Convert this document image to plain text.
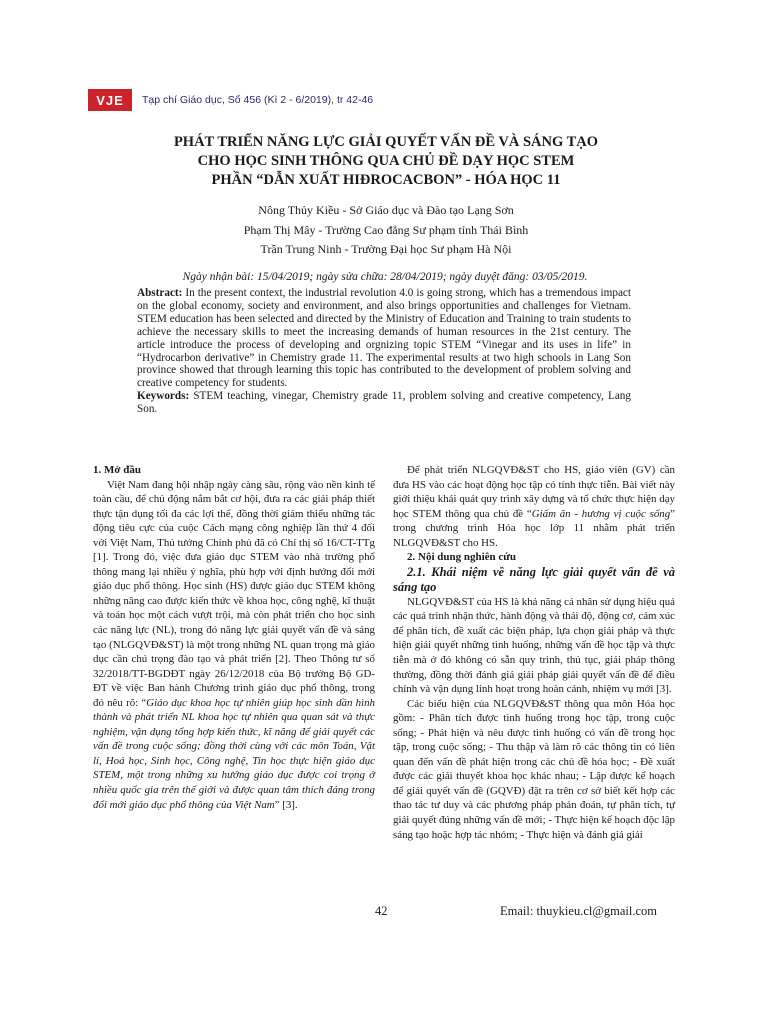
VJE	Tạp chí Giáo dục, Số 456 (Kì 2 - 6/2019), tr 42-46
PHÁT TRIỂN NĂNG LỰC GIẢI QUYẾT VẤN ĐỀ VÀ SÁNG TẠO
CHO HỌC SINH THÔNG QUA CHỦ ĐỀ DẠY HỌC STEM
PHẦN “DẪN XUẤT HIĐROCACBON” - HÓA HỌC 11
Nông Thủy Kiều - Sở Giáo dục và Đào tạo Lạng Sơn
Phạm Thị Mây - Trường Cao đẳng Sư phạm tỉnh Thái Bình
Trần Trung Ninh - Trường Đại học Sư phạm Hà Nội
Ngày nhận bài: 15/04/2019; ngày sửa chữa: 28/04/2019; ngày duyệt đăng: 03/05/2019.

Abstract: In the present context, the industrial revolution 4.0 is going strong, which has a tremendous impact on the global economy, society and environment, and also brings opportunities and challenges for Vietnam. STEM education has been selected and directed by the Ministry of Education and Training to train students to achieve the necessary skills to meet the increasing demands of human resources in the 21st century. The article introduce the process of developing and orgnizing topic STEM “Vinegar and its uses in life” in “Hydrocarbon derivative” in Chemistry grade 11. The experimental results at two high schools in Lang Son province showed that through learning this topic has contributed to the development of problem solving and creative competency for students.

Keywords: STEM teaching, vinegar, Chemistry grade 11, problem solving and creative competency, Lang Son.

1. Mở đầu

Việt Nam đang hội nhập ngày càng sâu, rộng vào nền kinh tế toàn cầu, để chủ động nắm bắt cơ hội, đưa ra các giải pháp thiết thực tận dụng tối đa các lợi thế, đồng thời giảm thiểu những tác động tiêu cực của cuộc Cách mạng công nghiệp lần thứ 4 đối với Việt Nam, Thủ tướng Chính phủ đã có Chỉ thị số 16/CT-TTg [1]. Trong đó, việc đưa giáo dục STEM vào nhà trường phổ thông mang lại nhiều ý nghĩa, phù hợp với định hướng đổi mới giáo dục phổ thông. Học sinh (HS) được giáo dục STEM không những nâng cao được kiến thức về khoa học, công nghệ, kĩ thuật và toán học một cách vượt trội, mà còn phát triển cho học sinh các năng lực (NL), trong đó năng lực giải quyết vấn đề và sáng tạo (NLGQVĐ&ST) là một trong những NL quan trọng mà giáo dục cần chú trọng đào tạo và phát triển [2]. Theo Thông tư số 32/2018/TT-BGDĐT ngày 26/12/2018 của Bộ trưởng Bộ GD-ĐT về việc Ban hành Chương trình giáo dục phổ thông, trong đó nêu rõ: “Giáo dục khoa học tự nhiên giúp học sinh dần hình thành và phát triển NL khoa học tự nhiên qua quan sát và thực nghiệm, vận dụng tổng hợp kiến thức, kĩ năng để giải quyết các vấn đề trong cuộc sống; đồng thời cùng với các môn Toán, Vật lí, Hoá học, Sinh học, Công nghệ, Tin học thực hiện giáo dục STEM, một trong những xu hướng giáo dục được coi trọng ở nhiều quốc gia trên thế giới và được quan tâm thích đáng trong đổi mới giáo dục phổ thông của Việt Nam” [3].

Để phát triển NLGQVĐ&ST cho HS, giáo viên (GV) cần đưa HS vào các hoạt động học tập có tính thực tiễn. Bài viết này giới thiệu khái quát quy trình xây dựng và tổ chức thực hiện dạy học STEM thông qua chủ đề “Giấm ăn - hương vị cuộc sống” trong chương trình Hóa học lớp 11 nhằm phát triển NLGQVĐ&ST cho HS.

2. Nội dung nghiên cứu

2.1. Khái niệm về năng lực giải quyết vấn đề và sáng tạo

NLGQVĐ&ST của HS là khả năng cá nhân sử dụng hiệu quả các quá trình nhận thức, hành động và thái độ, động cơ, cảm xúc để phân tích, đề xuất các biện pháp, lựa chọn giải pháp và thực hiện giải quyết những tình huống, những vấn đề học tập và thực tiễn mà ở đó không có sẵn quy trình, thủ tục, giải pháp thông thường, đồng thời đánh giá giải pháp giải quyết vấn đề để điều chỉnh và vận dụng linh hoạt trong hoàn cảnh, nhiệm vụ mới [3].

Các biểu hiện của NLGQVĐ&ST thông qua môn Hóa học gồm: - Phân tích được tình huống trong học tập, trong cuộc sống; - Phát hiện và nêu được tình huống có vấn đề trong học tập, trong cuộc sống; - Thu thập và làm rõ các thông tin có liên quan đến vấn đề phát hiện trong các chủ đề hóa học; - Đề xuất được các giải thuyết khoa học khác nhau; - Lập được kế hoạch để giải quyết vấn đề (GQVĐ) đặt ra trên cơ sở biết kết hợp các thao tác tư duy và các phương pháp phán đoán, tự phân tích, tự giải quyết đúng những vấn đề mới; - Thực hiện kế hoạch độc lập sáng tạo hoặc hợp tác nhóm; - Thực hiện và đánh giá giải

42	Email: thuykieu.cl@gmail.com
